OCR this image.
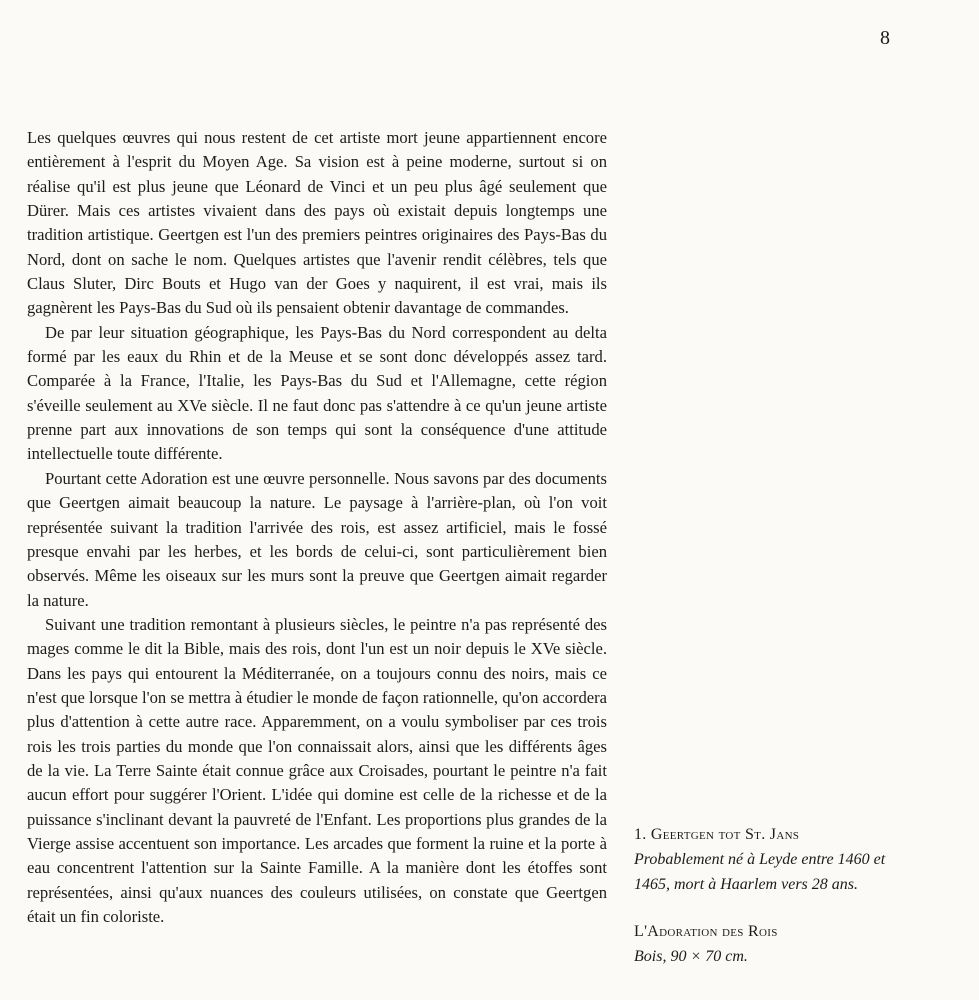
8

Les quelques œuvres qui nous restent de cet artiste mort jeune appartiennent encore entièrement à l'esprit du Moyen Age. Sa vision est à peine moderne, surtout si on réalise qu'il est plus jeune que Léonard de Vinci et un peu plus âgé seulement que Dürer. Mais ces artistes vivaient dans des pays où existait depuis longtemps une tradition artistique. Geertgen est l'un des premiers peintres originaires des Pays-Bas du Nord, dont on sache le nom. Quelques artistes que l'avenir rendit célèbres, tels que Claus Sluter, Dirc Bouts et Hugo van der Goes y naquirent, il est vrai, mais ils gagnèrent les Pays-Bas du Sud où ils pensaient obtenir davantage de commandes.

De par leur situation géographique, les Pays-Bas du Nord correspondent au delta formé par les eaux du Rhin et de la Meuse et se sont donc développés assez tard. Comparée à la France, l'Italie, les Pays-Bas du Sud et l'Allemagne, cette région s'éveille seulement au XVe siècle. Il ne faut donc pas s'attendre à ce qu'un jeune artiste prenne part aux innovations de son temps qui sont la conséquence d'une attitude intellectuelle toute différente.

Pourtant cette Adoration est une œuvre personnelle. Nous savons par des documents que Geertgen aimait beaucoup la nature. Le paysage à l'arrière-plan, où l'on voit représentée suivant la tradition l'arrivée des rois, est assez artificiel, mais le fossé presque envahi par les herbes, et les bords de celui-ci, sont particulièrement bien observés. Même les oiseaux sur les murs sont la preuve que Geertgen aimait regarder la nature.

Suivant une tradition remontant à plusieurs siècles, le peintre n'a pas représenté des mages comme le dit la Bible, mais des rois, dont l'un est un noir depuis le XVe siècle. Dans les pays qui entourent la Méditerranée, on a toujours connu des noirs, mais ce n'est que lorsque l'on se mettra à étudier le monde de façon rationnelle, qu'on accordera plus d'attention à cette autre race. Apparemment, on a voulu symboliser par ces trois rois les trois parties du monde que l'on connaissait alors, ainsi que les différents âges de la vie. La Terre Sainte était connue grâce aux Croisades, pourtant le peintre n'a fait aucun effort pour suggérer l'Orient. L'idée qui domine est celle de la richesse et de la puissance s'inclinant devant la pauvreté de l'Enfant. Les proportions plus grandes de la Vierge assise accentuent son importance. Les arcades que forment la ruine et la porte à eau concentrent l'attention sur la Sainte Famille. A la manière dont les étoffes sont représentées, ainsi qu'aux nuances des couleurs utilisées, on constate que Geertgen était un fin coloriste.

1. Geertgen tot St. Jans
Probablement né à Leyde entre 1460 et
1465, mort à Haarlem vers 28 ans.
L'Adoration des Rois
Bois, 90 × 70 cm.
